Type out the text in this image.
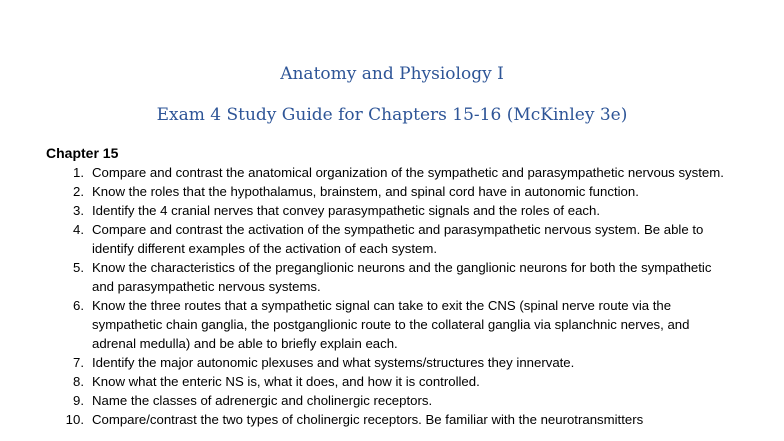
Anatomy and Physiology I
Exam 4 Study Guide for Chapters 15-16 (McKinley 3e)
Chapter 15
1. Compare and contrast the anatomical organization of the sympathetic and parasympathetic nervous system.
2. Know the roles that the hypothalamus, brainstem, and spinal cord have in autonomic function.
3. Identify the 4 cranial nerves that convey parasympathetic signals and the roles of each.
4. Compare and contrast the activation of the sympathetic and parasympathetic nervous system. Be able to identify different examples of the activation of each system.
5. Know the characteristics of the preganglionic neurons and the ganglionic neurons for both the sympathetic and parasympathetic nervous systems.
6. Know the three routes that a sympathetic signal can take to exit the CNS (spinal nerve route via the sympathetic chain ganglia, the postganglionic route to the collateral ganglia via splanchnic nerves, and adrenal medulla) and be able to briefly explain each.
7. Identify the major autonomic plexuses and what systems/structures they innervate.
8. Know what the enteric NS is, what it does, and how it is controlled.
9. Name the classes of adrenergic and cholinergic receptors.
10. Compare/contrast the two types of cholinergic receptors. Be familiar with the neurotransmitters
